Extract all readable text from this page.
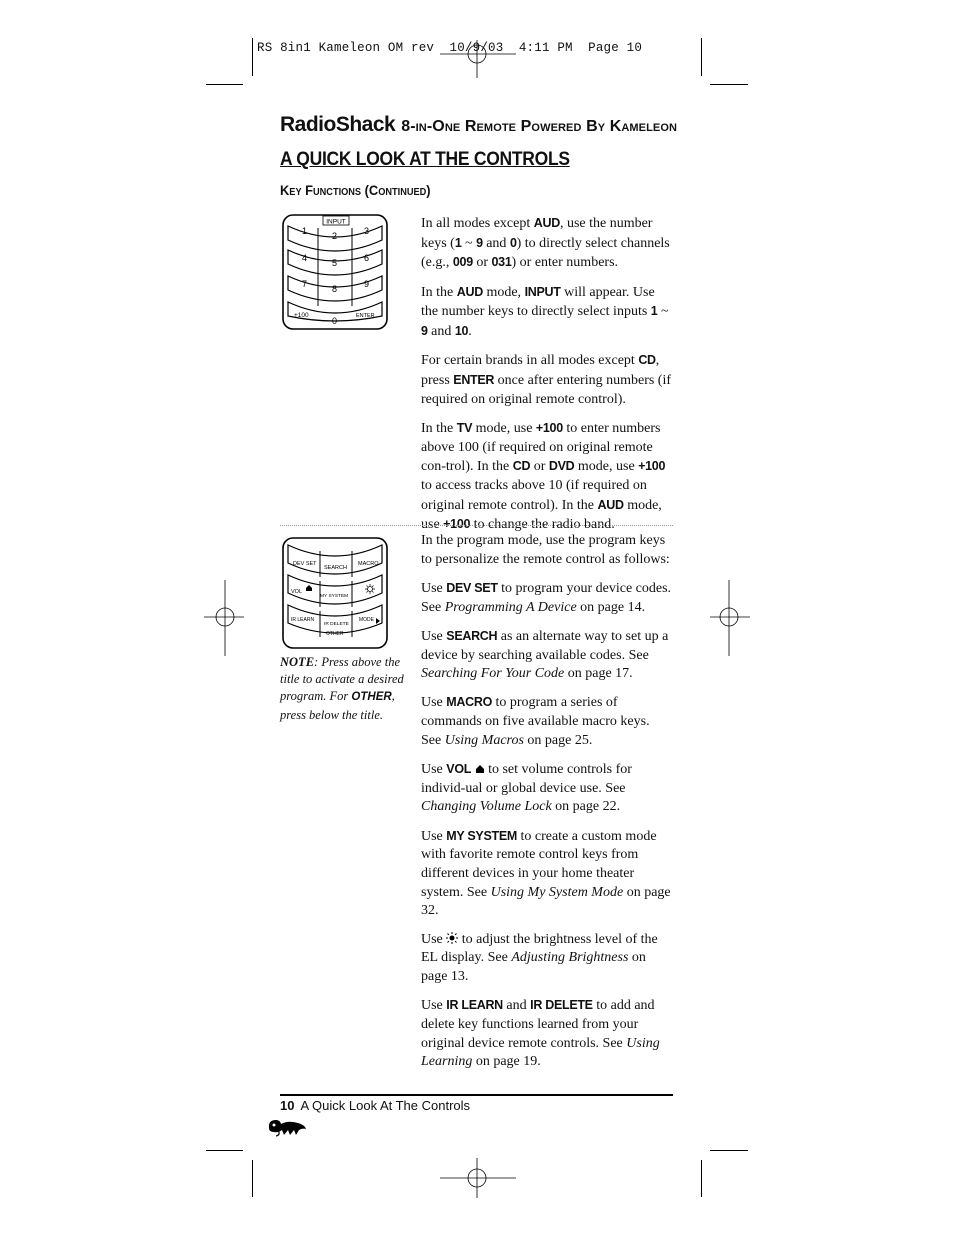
RS 8in1 Kameleon OM rev  10/9/03  4:11 PM  Page 10
RadioShack 8-in-One Remote Powered By Kameleon
A QUICK LOOK AT THE CONTROLS
Key Functions (Continued)
INPUT
1	2	3
4	5	6
7	8	9
0
+100	ENTER
DEV SET
SEARCH
MACRO
VOL
MY SYSTEM
IR LEARN
IR DELETE
MODE
OTHER

NOTE: Press above the title to activate a desired program. For OTHER, press below the title.

In all modes except AUD, use the number keys (1 ~ 9 and 0) to directly select channels (e.g., 009 or 031) or enter numbers.

In the AUD mode, INPUT will appear. Use the number keys to directly select inputs 1 ~ 9 and 10.

For certain brands in all modes except CD, press ENTER once after entering numbers (if required on original remote control).

In the TV mode, use +100 to enter numbers above 100 (if required on original remote con-trol). In the CD or DVD mode, use +100 to access tracks above 10 (if required on original remote control). In the AUD mode, use +100 to change the radio band.

In the program mode, use the program keys to personalize the remote control as follows:

Use DEV SET to program your device codes. See Programming A Device on page 14.

Use SEARCH as an alternate way to set up a device by searching available codes. See Searching For Your Code on page 17.

Use MACRO to program a series of commands on five available macro keys. See Using Macros on page 25.

Use VOL  to set volume controls for individ-ual or global device use. See Changing Volume Lock on page 22.

Use MY SYSTEM to create a custom mode with favorite remote control keys from different devices in your home theater system. See Using My System Mode on page 32.

Use  to adjust the brightness level of the EL display. See Adjusting Brightness on page 13.

Use IR LEARN and IR DELETE to add and delete key functions learned from your original device remote controls. See Using Learning on page 19.

10 A Quick Look At The Controls
